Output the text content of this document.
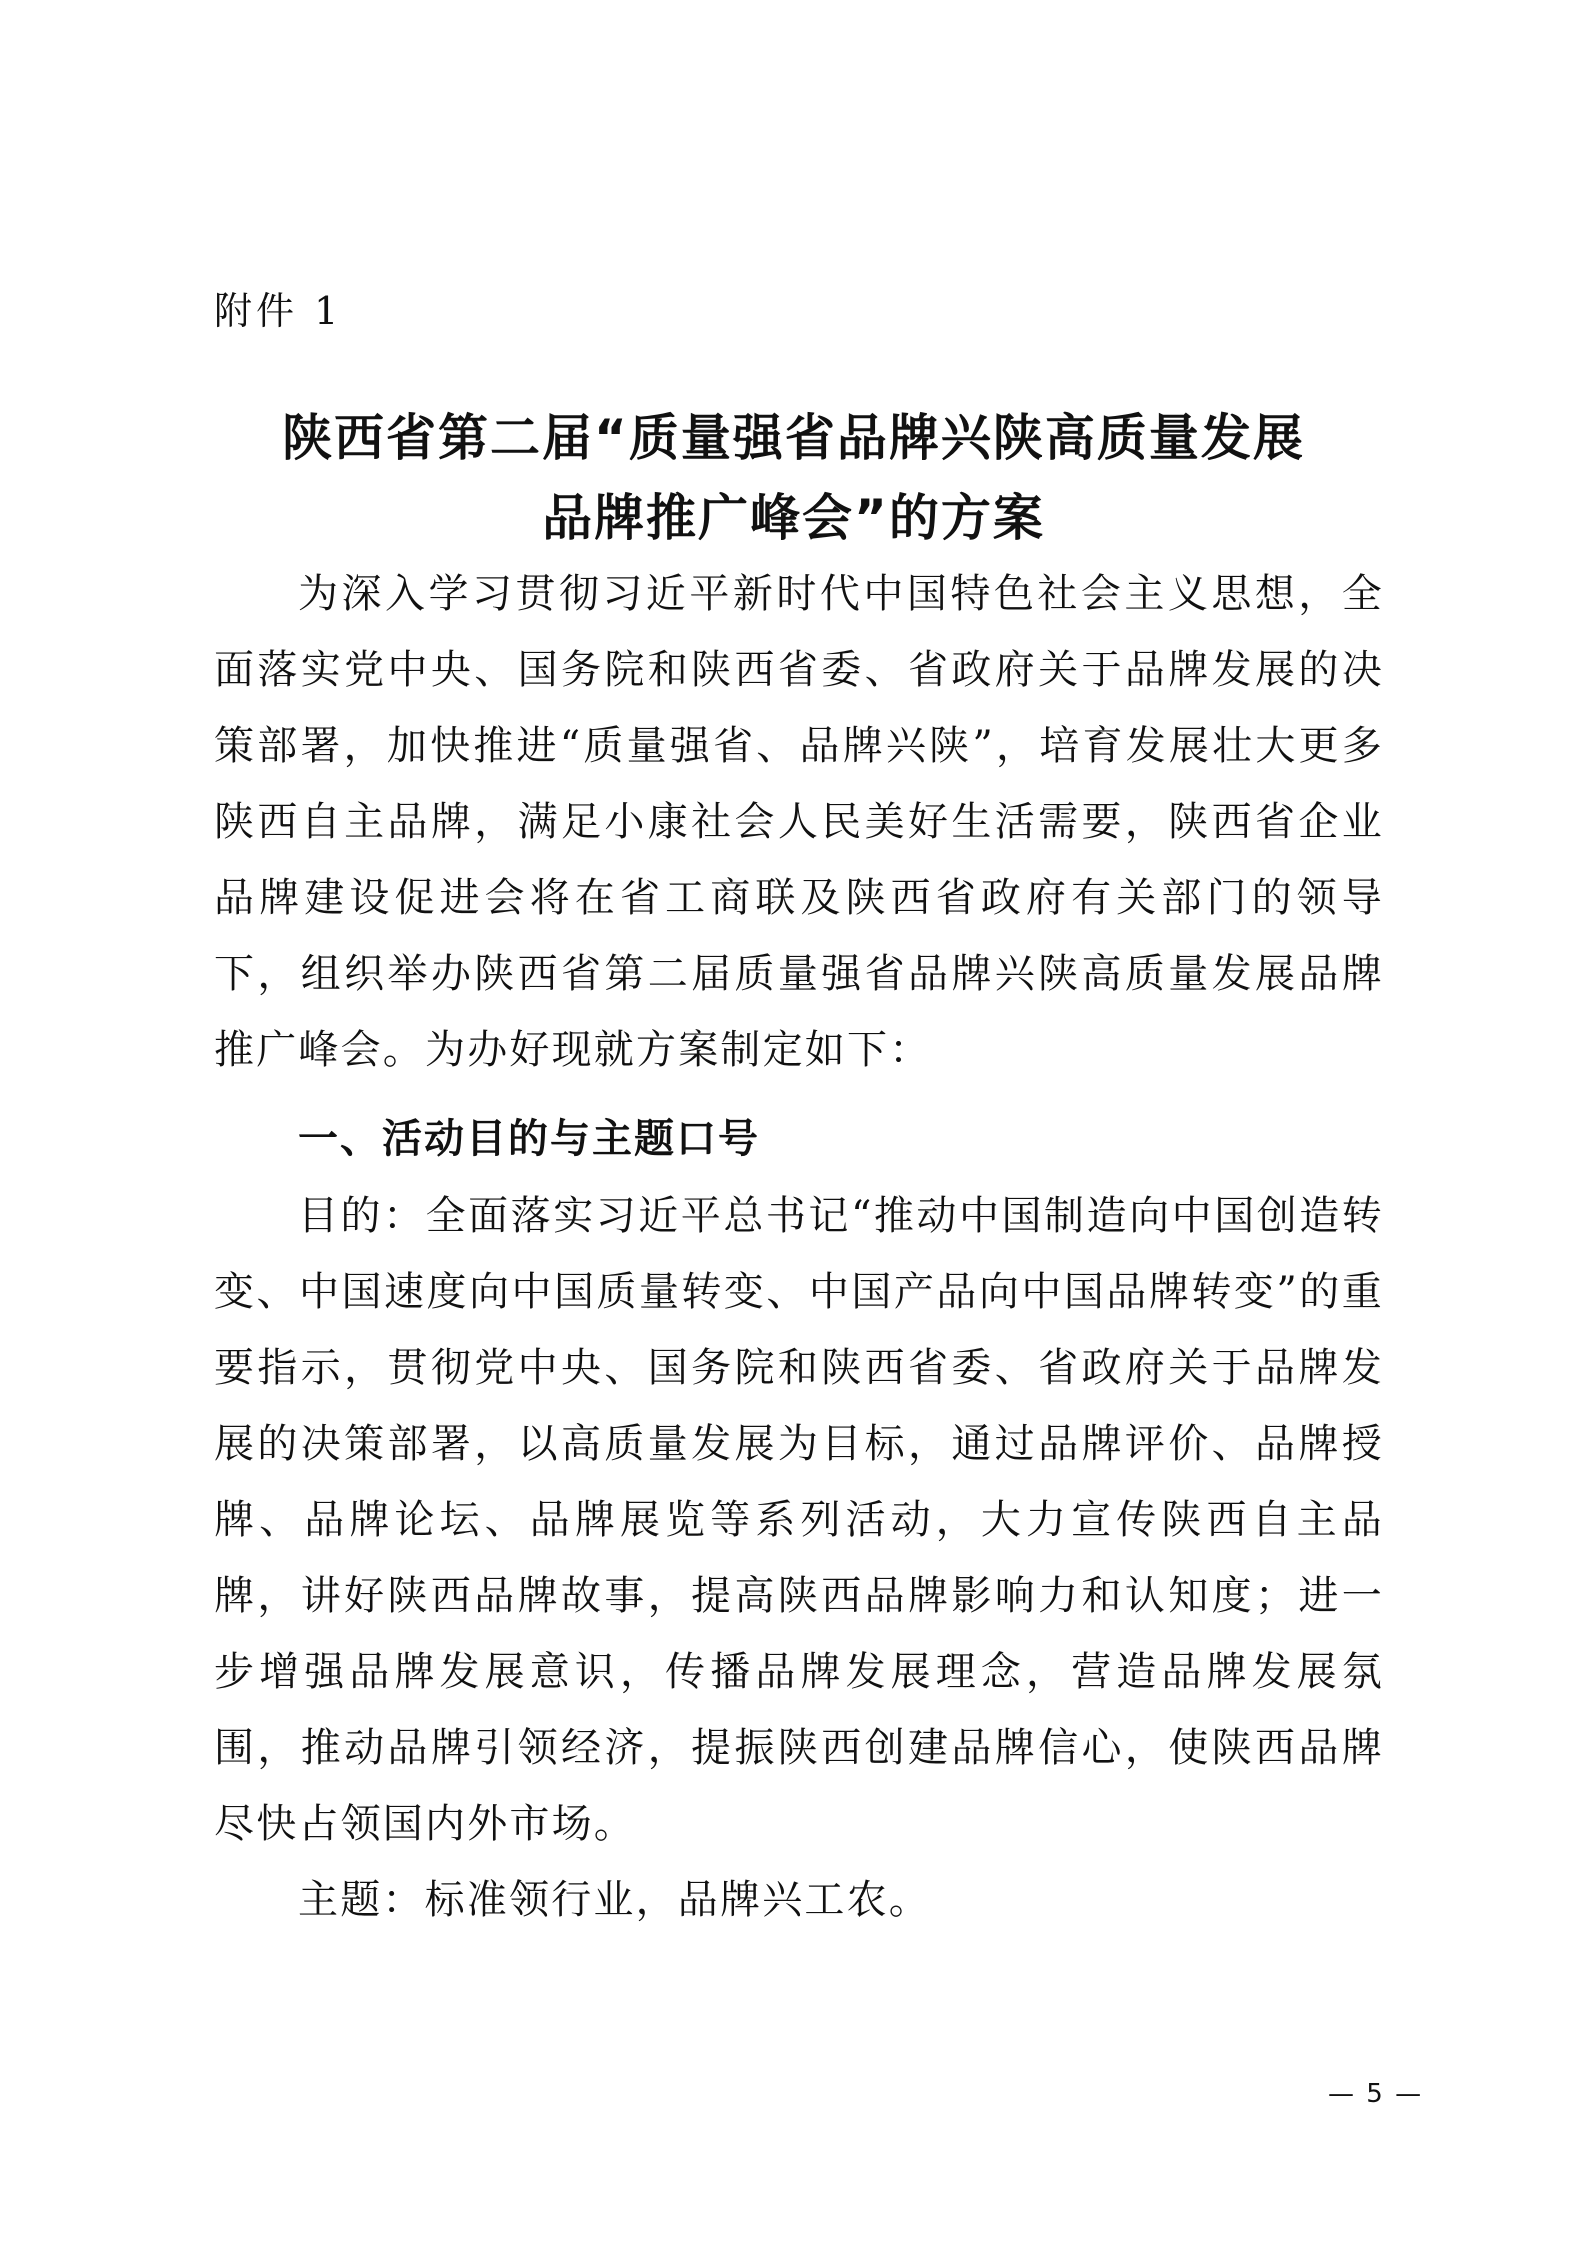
附件 1
陕西省第二届“质量强省品牌兴陕高质量发展
品牌推广峰会”的方案

为深入学习贯彻习近平新时代中国特色社会主义思想，全面落实党中央、国务院和陕西省委、省政府关于品牌发展的决策部署，加快推进“质量强省、品牌兴陕”，培育发展壮大更多陕西自主品牌，满足小康社会人民美好生活需要，陕西省企业品牌建设促进会将在省工商联及陕西省政府有关部门的领导下，组织举办陕西省第二届质量强省品牌兴陕高质量发展品牌推广峰会。为办好现就方案制定如下：

一、活动目的与主题口号

目的：全面落实习近平总书记“推动中国制造向中国创造转变、中国速度向中国质量转变、中国产品向中国品牌转变”的重要指示，贯彻党中央、国务院和陕西省委、省政府关于品牌发展的决策部署，以高质量发展为目标，通过品牌评价、品牌授牌、品牌论坛、品牌展览等系列活动，大力宣传陕西自主品牌，讲好陕西品牌故事，提高陕西品牌影响力和认知度；进一步增强品牌发展意识，传播品牌发展理念，营造品牌发展氛围，推动品牌引领经济，提振陕西创建品牌信心，使陕西品牌尽快占领国内外市场。

主题：标准领行业，品牌兴工农。

— 5 —
